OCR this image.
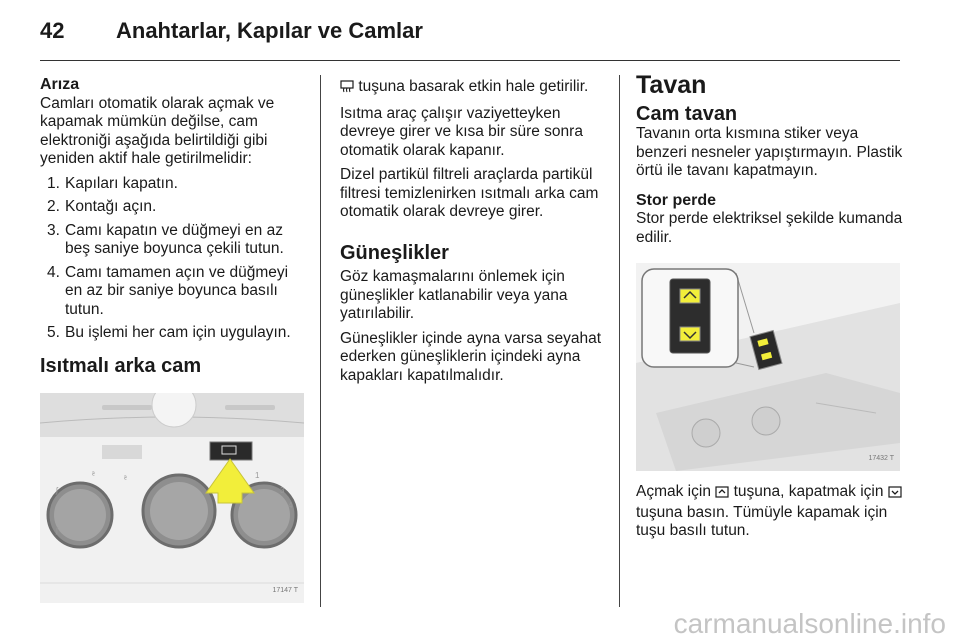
42 Anahtarlar, Kapılar ve Camlar
Arıza

Camları otomatik olarak açmak ve kapamak mümkün değilse, cam elektroniği aşağıda belirtildiği gibi yeniden aktif hale getirilmelidir:

1. Kapıları kapatın.
2. Kontağı açın.
3. Camı kapatın ve düğmeyi en az beş saniye boyunca çekili tutun.
4. Camı tamamen açın ve düğmeyi en az bir saniye boyunca basılı tutun.
5. Bu işlemi her cam için uygulayın.
Isıtmalı arka cam
ⳉ	ⳉ
ʃ
ʃ
1
3
4
17147 T

tuşuna basarak etkin hale getirilir.

Isıtma araç çalışır vaziyetteyken devreye girer ve kısa bir süre sonra otomatik olarak kapanır.

Dizel partikül filtreli araçlarda partikül filtresi temizlenirken ısıtmalı arka cam otomatik olarak devreye girer.

Güneşlikler

Göz kamaşmalarını önlemek için güneşlikler katlanabilir veya yana yatırılabilir.

Güneşlikler içinde ayna varsa seyahat ederken güneşliklerin içindeki ayna kapakları kapatılmalıdır.

Tavan
Cam tavan

Tavanın orta kısmına stiker veya benzeri nesneler yapıştırmayın. Plastik örtü ile tavanı kapatmayın.

Stor perde

Stor perde elektriksel şekilde kumanda edilir.

17432 T

Açmak için tuşuna, kapatmak için  tuşuna basın. Tümüyle kapamak için tuşu basılı tutun.

carmanualsonline.info
